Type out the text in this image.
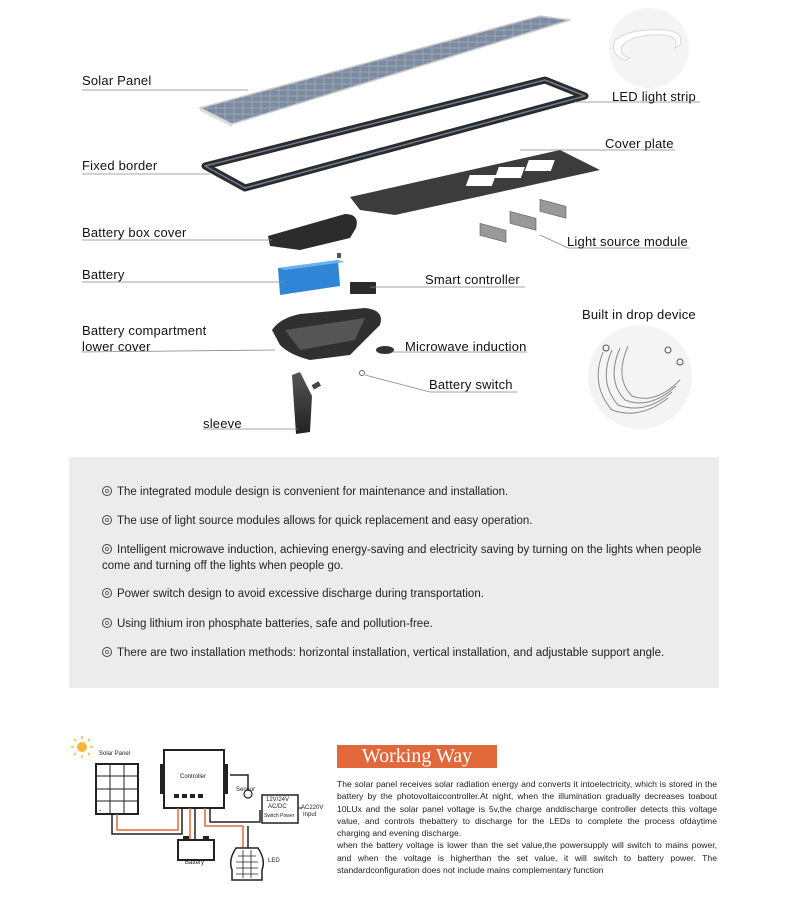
Solar Panel
LED light strip
Fixed border
Cover plate
Battery box cover
Light source module
Battery	Smart controller
Battery compartment
lower cover
Built in drop device
Microwave induction
Battery switch
sleeve
The integrated module design is convenient for maintenance and installation.
The use of light source modules allows for quick replacement and easy operation.
Intelligent microwave induction, achieving energy-saving and electricity saving by turning on the lights when people come and turning off the lights when people go.
Power switch design to avoid excessive discharge during transportation.
Using lithium iron phosphate batteries, safe and pollution-free.
There are two installation methods: horizontal installation, vertical installation, and adjustable support angle.
-
Solar Panel
Controller
Sensor
12V/24V
AC/DC
Switch Power
AC220V
Input
Battery	LED
Working Way
The solar panel receives solar radiation energy and converts it intoelectricity, which is stored in the battery by the photovoltaiccontroller.At night, when the illumination gradually decreases toabout 10LUx and the solar panel voltage is 5v,the charge anddischarge controller detects this voltage value, and controls thebattery to discharge for the LEDs to complete the process ofdaytime charging and evening discharge.
when the battery voltage is lower than the set value,the powersupply will switch to mains power, and when the voltage is higherthan the set value, it will switch to battery power. The standardconfiguration does not include mains complementary function
